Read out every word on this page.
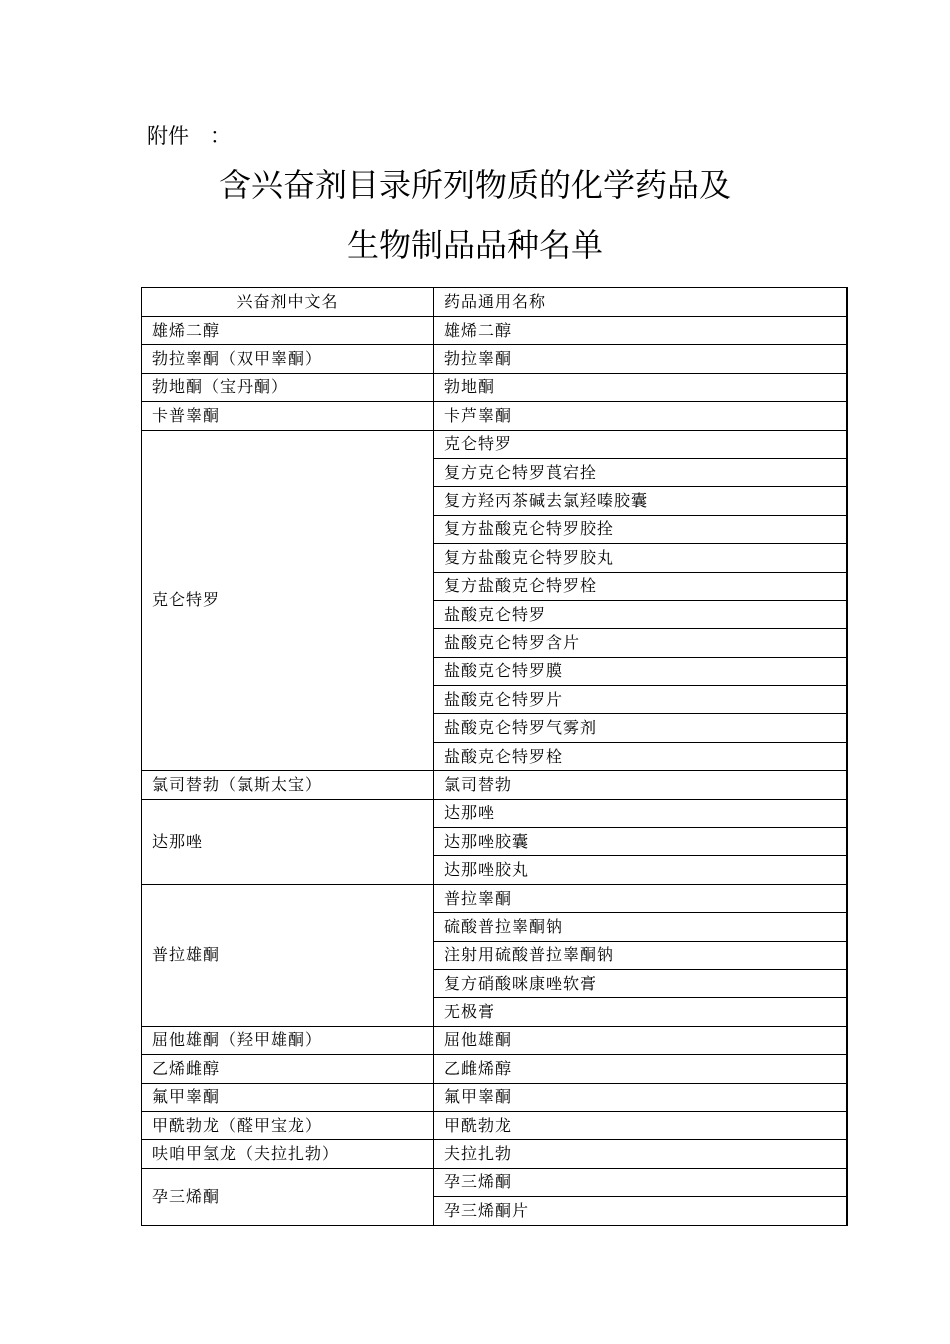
附件　：
含兴奋剂目录所列物质的化学药品及
生物制品品种名单
兴奋剂中文名	药品通用名称
雄烯二醇	雄烯二醇
勃拉睾酮（双甲睾酮）	勃拉睾酮
勃地酮（宝丹酮）	勃地酮
卡普睾酮	卡芦睾酮
克仑特罗	克仑特罗
	复方克仑特罗莨宕拴
	复方羟丙茶碱去氯羟嗪胶囊
	复方盐酸克仑特罗胶拴
	复方盐酸克仑特罗胶丸
	复方盐酸克仑特罗栓
	盐酸克仑特罗
	盐酸克仑特罗含片
	盐酸克仑特罗膜
	盐酸克仑特罗片
	盐酸克仑特罗气雾剂
	盐酸克仑特罗栓
氯司替勃（氯斯太宝）	氯司替勃
达那唑	达那唑
	达那唑胶囊
	达那唑胶丸
普拉雄酮	普拉睾酮
	硫酸普拉睾酮钠
	注射用硫酸普拉睾酮钠
	复方硝酸咪康唑软膏
	无极膏
屈他雄酮（羟甲雄酮）	屈他雄酮
乙烯雌醇	乙雌烯醇
氟甲睾酮	氟甲睾酮
甲酰勃龙（醛甲宝龙）	甲酰勃龙
呋咱甲氢龙（夫拉扎勃）	夫拉扎勃
孕三烯酮	孕三烯酮
	孕三烯酮片
